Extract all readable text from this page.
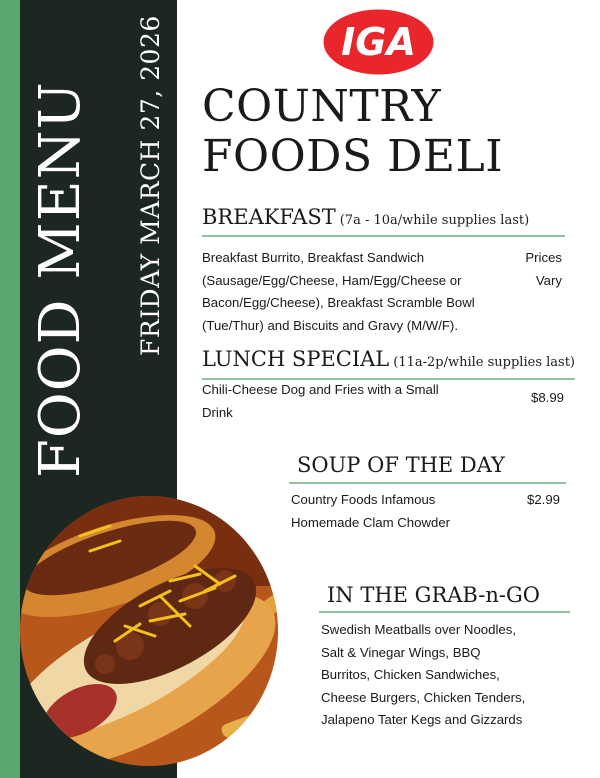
FOOD MENU FRIDAY MARCH 27, 2026	IGA
COUNTRY
FOODS DELI
BREAKFAST (7a - 10a/while supplies last)
Breakfast Burrito, Breakfast Sandwich
(Sausage/Egg/Cheese, Ham/Egg/Cheese or
Bacon/Egg/Cheese), Breakfast Scramble Bowl
(Tue/Thur) and Biscuits and Gravy (M/W/F).
Prices
Vary
LUNCH SPECIAL (11a-2p/while supplies last)
Chili-Cheese Dog and Fries with a Small
Drink
$8.99
SOUP OF THE DAY
Country Foods Infamous
Homemade Clam Chowder
$2.99
IN THE GRAB-n-GO
Swedish Meatballs over Noodles,
Salt & Vinegar Wings, BBQ
Burritos, Chicken Sandwiches,
Cheese Burgers, Chicken Tenders,
Jalapeno Tater Kegs and Gizzards
